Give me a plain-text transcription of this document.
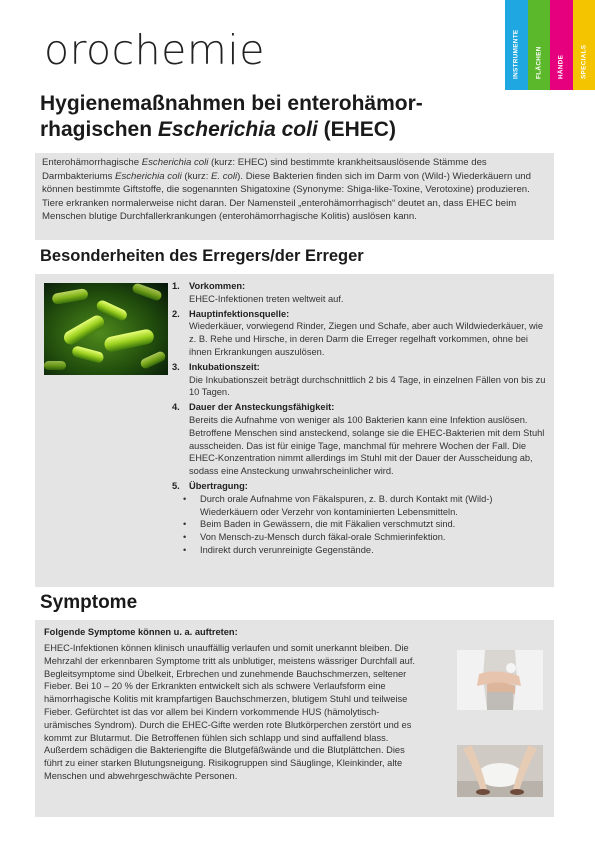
orochemie	INSTRUMENTE FLÄCHEN HÄNDE SPECIALS
Hygienemaßnahmen bei enterohämor-
rhagischen Escherichia coli (EHEC)
Enterohämorrhagische Escherichia coli (kurz: EHEC) sind bestimmte krankheitsauslösende Stämme des Darmbakteriums Escherichia coli (kurz: E. coli). Diese Bakterien finden sich im Darm von (Wild-) Wiederkäuern und können bestimmte Giftstoffe, die sogenannten Shigatoxine (Synonyme: Shiga-like-Toxine, Verotoxine) produzieren. Tiere erkranken normalerweise nicht daran. Der Namensteil „enterohämorrhagisch“ deutet an, dass EHEC beim Menschen blutige Durchfallerkrankungen (enterohämorrhagische Kolitis) auslösen kann.
Besonderheiten des Erregers/der Erreger
1. Vorkommen:
EHEC-Infektionen treten weltweit auf.
2. Hauptinfektionsquelle:
Wiederkäuer, vorwiegend Rinder, Ziegen und Schafe, aber auch Wildwiederkäuer, wie z. B. Rehe und Hirsche, in deren Darm die Erreger regelhaft vorkommen, ohne bei ihnen Erkrankungen auszulösen.
3. Inkubationszeit:
Die Inkubationszeit beträgt durchschnittlich 2 bis 4 Tage, in einzelnen Fällen von bis zu 10 Tagen.
4. Dauer der Ansteckungsfähigkeit:
Bereits die Aufnahme von weniger als 100 Bakterien kann eine Infektion auslösen. Betroffene Menschen sind ansteckend, solange sie die EHEC-Bakterien mit dem Stuhl ausscheiden. Das ist für einige Tage, manchmal für mehrere Wochen der Fall. Die EHEC-Konzentration nimmt allerdings im Stuhl mit der Dauer der Ausscheidung ab, sodass eine Ansteckung unwahrscheinlicher wird.
5. Übertragung:
•	Durch orale Aufnahme von Fäkalspuren, z. B. durch Kontakt mit (Wild-) Wiederkäuern oder Verzehr von kontaminierten Lebensmitteln.
•	Beim Baden in Gewässern, die mit Fäkalien verschmutzt sind.
•	Von Mensch-zu-Mensch durch fäkal-orale Schmierinfektion.
•	Indirekt durch verunreinigte Gegenstände.
Symptome
Folgende Symptome können u. a. auftreten:
EHEC-Infektionen können klinisch unauffällig verlaufen und somit unerkannt bleiben. Die Mehrzahl der erkennbaren Symptome tritt als unblutiger, meistens wässriger Durchfall auf. Begleitsymptome sind Übelkeit, Erbrechen und zunehmende Bauchschmerzen, seltener Fieber. Bei 10 – 20 % der Erkrankten entwickelt sich als schwere Verlaufsform eine hämorrhagische Kolitis mit krampfartigen Bauchschmerzen, blutigem Stuhl und teilweise Fieber. Gefürchtet ist das vor allem bei Kindern vorkommende HUS (hämolytisch-urämisches Syndrom). Durch die EHEC-Gifte werden rote Blutkörperchen zerstört und es kommt zur Blutarmut. Die Betroffenen fühlen sich schlapp und sind auffallend blass. Außerdem schädigen die Bakteriengifte die Blutgefäßwände und die Blutplättchen. Dies führt zu einer starken Blutungsneigung. Risikogruppen sind Säuglinge, Kleinkinder, alte Menschen und abwehrgeschwächte Personen.
